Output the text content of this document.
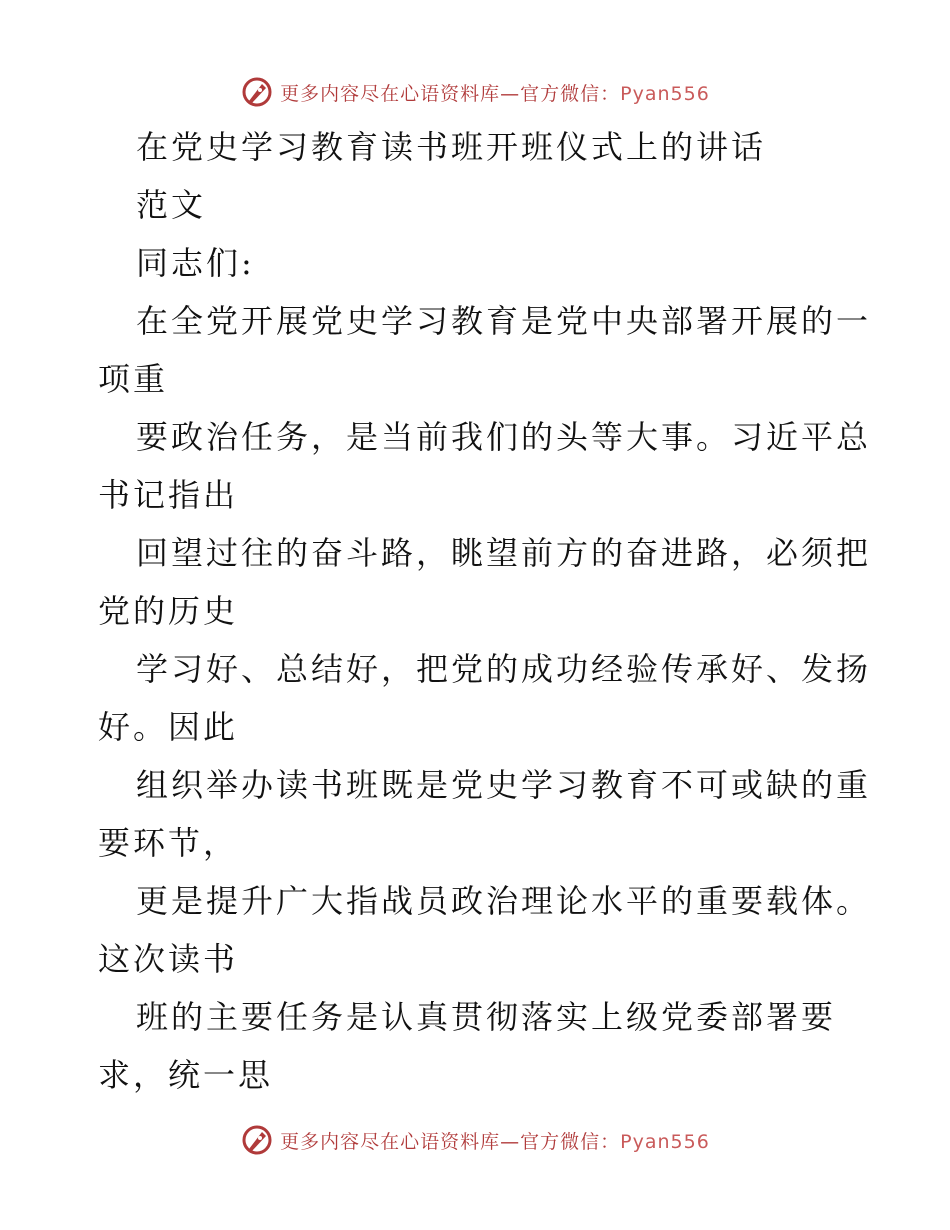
更多内容尽在心语资料库—官方微信：Pyan556
在党史学习教育读书班开班仪式上的讲话
范文
同志们:
在全党开展党史学习教育是党中央部署开展的一
项重
要政治任务，是当前我们的头等大事。习近平总
书记指出
回望过往的奋斗路，眺望前方的奋进路，必须把
党的历史
学习好、总结好，把党的成功经验传承好、发扬
好。因此
组织举办读书班既是党史学习教育不可或缺的重
要环节，
更是提升广大指战员政治理论水平的重要载体。
这次读书
班的主要任务是认真贯彻落实上级党委部署要
求，统一思
更多内容尽在心语资料库—官方微信：Pyan556
